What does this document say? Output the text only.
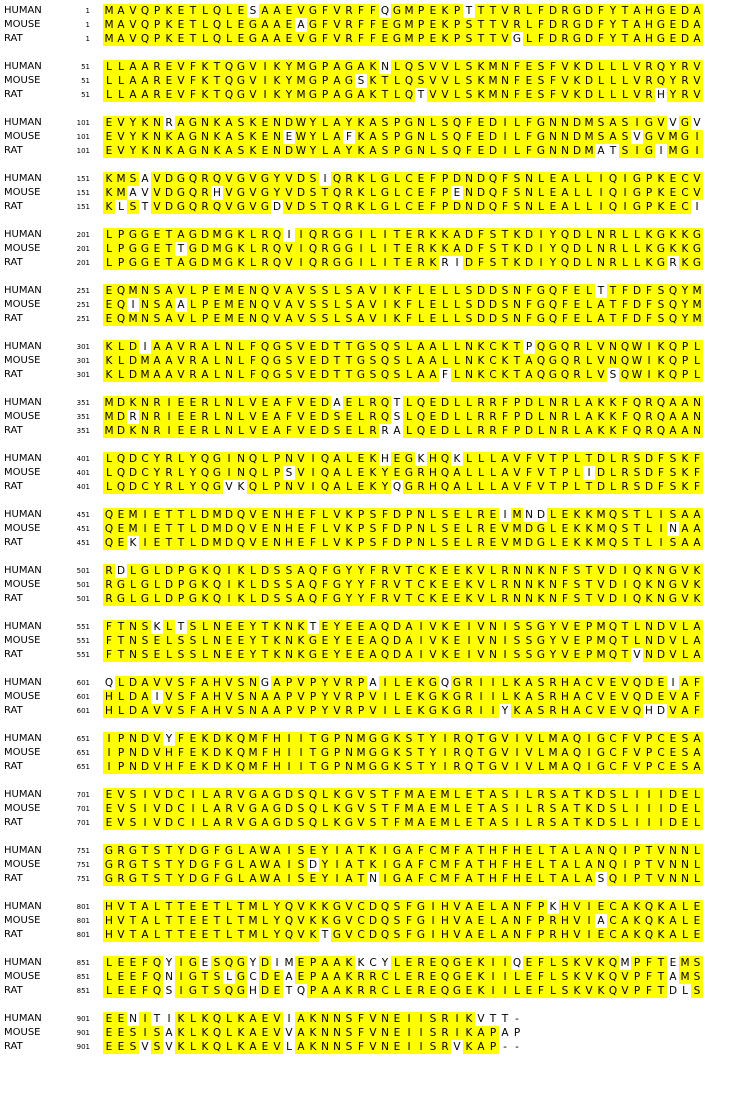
HUMAN	1 M A V Q P K E T L Q L E S A A E V G F V R F F Q G M P E K P T T T V R L F D R G D F Y T A H G E D A
MOUSE	1 M A V Q P K E T L Q L E G A A E A G F V R F F E G M P E K P S T T V R L F D R G D F Y T A H G E D A
RAT	1 M A V Q P K E T L Q L E G A A E V G F V R F F E G M P E K P S T T V G L F D R G D F Y T A H G E D A
HUMAN	51 L L A A R E V F K T Q G V I K Y M G P A G A K N L Q S V V L S K M N F E S F V K D L L L V R Q Y R V
MOUSE	51 L L A A R E V F K T Q G V I K Y M G P A G S K T L Q S V V L S K M N F E S F V K D L L L V R Q Y R V
RAT	51 L L A A R E V F K T Q G V I K Y M G P A G A K T L Q T V V L S K M N F E S F V K D L L L V R H Y R V
HUMAN	101 E V Y K N R A G N K A S K E N D W Y L A Y K A S P G N L S Q F E D I L F G N N D M S A S I G V V G V
MOUSE	101 E V Y K N K A G N K A S K E N E W Y L A F K A S P G N L S Q F E D I L F G N N D M S A S V G V M G I
RAT	101 E V Y K N K A G N K A S K E N D W Y L A Y K A S P G N L S Q F E D I L F G N N D M A T S I G I M G I
HUMAN	151 K M S A V D G Q R Q V G V G Y V D S I Q R K L G L C E F P D N D Q F S N L E A L L I Q I G P K E C V
MOUSE	151 K M A V V D G Q R H V G V G Y V D S T Q R K L G L C E F P E N D Q F S N L E A L L I Q I G P K E C V
RAT	151 K L S T V D G Q R Q V G V G D V D S T Q R K L G L C E F P D N D Q F S N L E A L L I Q I G P K E C I
HUMAN	201 L P G G E T A G D M G K L R Q I I Q R G G I L I T E R K K A D F S T K D I Y Q D L N R L L K G K K G
MOUSE	201 L P G G E T T G D M G K L R Q V I Q R G G I L I T E R K K A D F S T K D I Y Q D L N R L L K G K K G
RAT	201 L P G G E T A G D M G K L R Q V I Q R G G I L I T E R K R I D F S T K D I Y Q D L N R L L K G R K G
HUMAN	251 E Q M N S A V L P E M E N Q V A V S S L S A V I K F L E L L S D D S N F G Q F E L T T F D F S Q Y M
MOUSE	251 E Q I N S A A L P E M E N Q V A V S S L S A V I K F L E L L S D D S N F G Q F E L A T F D F S Q Y M
RAT	251 E Q M N S A V L P E M E N Q V A V S S L S A V I K F L E L L S D D S N F G Q F E L A T F D F S Q Y M
HUMAN	301 K L D I A A V R A L N L F Q G S V E D T T G S Q S L A A L L N K C K T P Q G Q R L V N Q W I K Q P L
MOUSE	301 K L D M A A V R A L N L F Q G S V E D T T G S Q S L A A L L N K C K T A Q G Q R L V N Q W I K Q P L
RAT	301 K L D M A A V R A L N L F Q G S V E D T T G S Q S L A A F L N K C K T A Q G Q R L V S Q W I K Q P L
HUMAN	351 M D K N R I E E R L N L V E A F V E D A E L R Q T L Q E D L L R R F P D L N R L A K K F Q R Q A A N
MOUSE	351 M D R N R I E E R L N L V E A F V E D S E L R Q S L Q E D L L R R F P D L N R L A K K F Q R Q A A N
RAT	351 M D K N R I E E R L N L V E A F V E D S E L R R A L Q E D L L R R F P D L N R L A K K F Q R Q A A N
HUMAN	401 L Q D C Y R L Y Q G I N Q L P N V I Q A L E K H E G K H Q K L L L A V F V T P L T D L R S D F S K F
MOUSE	401 L Q D C Y R L Y Q G I N Q L P S V I Q A L E K Y E G R H Q A L L L A V F V T P L I D L R S D F S K F
RAT	401 L Q D C Y R L Y Q G V K Q L P N V I Q A L E K Y Q G R H Q A L L L A V F V T P L T D L R S D F S K F
HUMAN	451 Q E M I E T T L D M D Q V E N H E F L V K P S F D P N L S E L R E I M N D L E K K M Q S T L I S A A
MOUSE	451 Q E M I E T T L D M D Q V E N H E F L V K P S F D P N L S E L R E V M D G L E K K M Q S T L I N A A
RAT	451 Q E K I E T T L D M D Q V E N H E F L V K P S F D P N L S E L R E V M D G L E K K M Q S T L I S A A
HUMAN	501 R D L G L D P G K Q I K L D S S A Q F G Y Y F R V T C K E E K V L R N N K N F S T V D I Q K N G V K
MOUSE	501 R G L G L D P G K Q I K L D S S A Q F G Y Y F R V T C K E E K V L R N N K N F S T V D I Q K N G V K
RAT	501 R G L G L D P G K Q I K L D S S A Q F G Y Y F R V T C K E E K V L R N N K N F S T V D I Q K N G V K
HUMAN	551 F T N S K L T S L N E E Y T K N K T E Y E E A Q D A I V K E I V N I S S G Y V E P M Q T L N D V L A
MOUSE	551 F T N S E L S S L N E E Y T K N K G E Y E E A Q D A I V K E I V N I S S G Y V E P M Q T L N D V L A
RAT	551 F T N S E L S S L N E E Y T K N K G E Y E E A Q D A I V K E I V N I S S G Y V E P M Q T V N D V L A
HUMAN	601 Q L D A V V S F A H V S N G A P V P Y V R P A I L E K G Q G R I I L K A S R H A C V E V Q D E I A F
MOUSE	601 H L D A I V S F A H V S N A A P V P Y V R P V I L E K G K G R I I L K A S R H A C V E V Q D E V A F
RAT	601 H L D A V V S F A H V S N A A P V P Y V R P V I L E K G K G R I I Y K A S R H A C V E V Q H D V A F
HUMAN	651	I P N D V Y F E K D K Q M F H I I T G P N M G G K S T Y I R Q T G V I V L M A Q I G C F V P C E S A
MOUSE	651	I P N D V H F E K D K Q M F H I I T G P N M G G K S T Y I R Q T G V I V L M A Q I G C F V P C E S A
RAT	651	I P N D V H F E K D K Q M F H I I T G P N M G G K S T Y I R Q T G V I V L M A Q I G C F V P C E S A
HUMAN	701 E V S I V D C I L A R V G A G D S Q L K G V S T F M A E M L E T A S I L R S A T K D S L I I I D E L
MOUSE	701 E V S I V D C I L A R V G A G D S Q L K G V S T F M A E M L E T A S I L R S A T K D S L I I I D E L
RAT	701 E V S I V D C I L A R V G A G D S Q L K G V S T F M A E M L E T A S I L R S A T K D S L I I I D E L
HUMAN	751 G R G T S T Y D G F G L A W A I S E Y I A T K I G A F C M F A T H F H E L T A L A N Q I P T V N N L
MOUSE	751 G R G T S T Y D G F G L A W A I S D Y I A T K I G A F C M F A T H F H E L T A L A N Q I P T V N N L
RAT	751 G R G T S T Y D G F G L A W A I S E Y I A T N I G A F C M F A T H F H E L T A L A S Q I P T V N N L
HUMAN	801 H V T A L T T E E T L T M L Y Q V K K G V C D Q S F G I H V A E L A N F P K H V I E C A K Q K A L E
MOUSE	801 H V T A L T T E E T L T M L Y Q V K K G V C D Q S F G I H V A E L A N F P R H V I A C A K Q K A L E
RAT	801 H V T A L T T E E T L T M L Y Q V K T G V C D Q S F G I H V A E L A N F P R H V I E C A K Q K A L E
HUMAN	851 L E E F Q Y I G E S Q G Y D I M E P A A K K C Y L E R E Q G E K I I Q E F L S K V K Q M P F T E M S
MOUSE	851 L E E F Q N I G T S L G C D E A E P A A K R R C L E R E Q G E K I I L E F L S K V K Q V P F T A M S
RAT	851 L E E F Q S I G T S Q G H D E T Q P A A K R R C L E R E Q G E K I I L E F L S K V K Q V P F T D L S
HUMAN	901 E E N I T I K L K Q L K A E V I A K N N S F V N E I I S R I K V T T -
MOUSE	901 E E S I S A K L K Q L K A E V V A K N N S F V N E I I S R I K A P A P
RAT	901 E E S V S V K L K Q L K A E V L A K N N S F V N E I I S R V K A P - -
